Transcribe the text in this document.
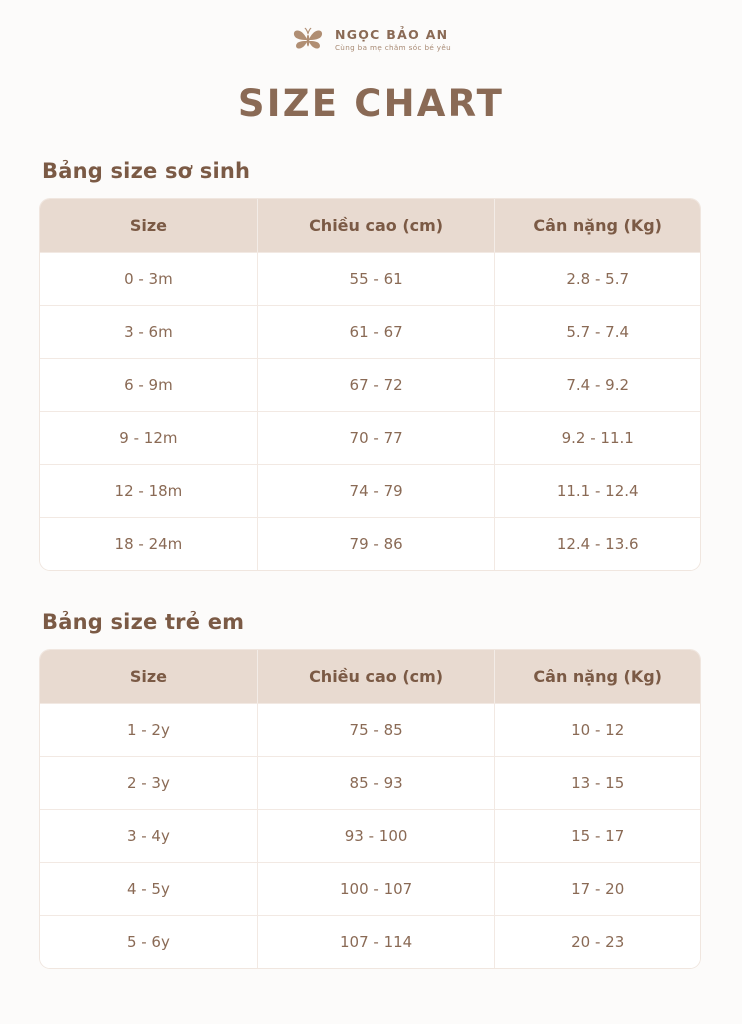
NGỌC BẢO AN
Cùng ba mẹ chăm sóc bé yêu
SIZE CHART
Bảng size sơ sinh
Size	Chiều cao (cm)	Cân nặng (Kg)
0 - 3m	55 - 61	2.8 - 5.7
3 - 6m	61 - 67	5.7 - 7.4
6 - 9m	67 - 72	7.4 - 9.2
9 - 12m	70 - 77	9.2 - 11.1
12 - 18m	74 - 79	11.1 - 12.4
18 - 24m	79 - 86	12.4 - 13.6
Bảng size trẻ em
Size	Chiều cao (cm)	Cân nặng (Kg)
1 - 2y	75 - 85	10 - 12
2 - 3y	85 - 93	13 - 15
3 - 4y	93 - 100	15 - 17
4 - 5y	100 - 107	17 - 20
5 - 6y	107 - 114	20 - 23
